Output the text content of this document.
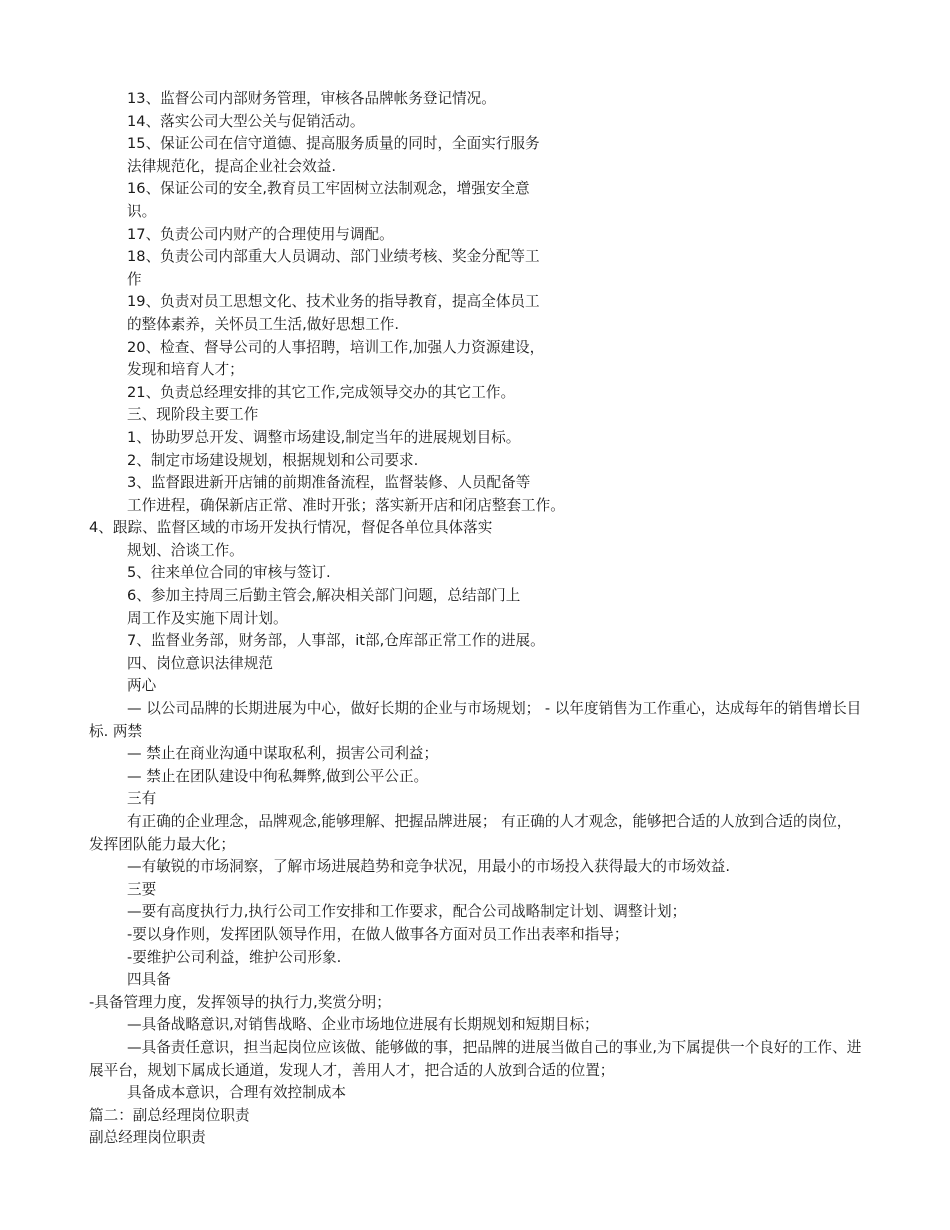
13、监督公司内部财务管理，审核各品牌帐务登记情况。
14、落实公司大型公关与促销活动。
15、保证公司在信守道德、提高服务质量的同时，全面实行服务
法律规范化，提高企业社会效益.
16、保证公司的安全,教育员工牢固树立法制观念，增强安全意
识。
17、负责公司内财产的合理使用与调配。
18、负责公司内部重大人员调动、部门业绩考核、奖金分配等工
作
19、负责对员工思想文化、技术业务的指导教育，提高全体员工
的整体素养，关怀员工生活,做好思想工作.
20、检查、督导公司的人事招聘，培训工作,加强人力资源建设，
发现和培育人才；
21、负责总经理安排的其它工作,完成领导交办的其它工作。
三、现阶段主要工作
1、协助罗总开发、调整市场建设,制定当年的进展规划目标。
2、制定市场建设规划，根据规划和公司要求.
3、监督跟进新开店铺的前期准备流程，监督装修、人员配备等
工作进程，确保新店正常、准时开张；落实新开店和闭店整套工作。
4、跟踪、监督区域的市场开发执行情况，督促各单位具体落实
规划、洽谈工作。
5、往来单位合同的审核与签订.
6、参加主持周三后勤主管会,解决相关部门问题，总结部门上
周工作及实施下周计划。
7、监督业务部，财务部，人事部，it部,仓库部正常工作的进展。
四、岗位意识法律规范
两心
— 以公司品牌的长期进展为中心，做好长期的企业与市场规划； - 以年度销售为工作重心，达成每年的销售增长目标. 两禁
— 禁止在商业沟通中谋取私利，损害公司利益；
— 禁止在团队建设中徇私舞弊,做到公平公正。
三有
有正确的企业理念，品牌观念,能够理解、把握品牌进展； 有正确的人才观念，能够把合适的人放到合适的岗位，发挥团队能力最大化；
—有敏锐的市场洞察，了解市场进展趋势和竞争状况，用最小的市场投入获得最大的市场效益.
三要
—要有高度执行力,执行公司工作安排和工作要求，配合公司战略制定计划、调整计划；
-要以身作则，发挥团队领导作用，在做人做事各方面对员工作出表率和指导；
-要维护公司利益，维护公司形象.
四具备
-具备管理力度，发挥领导的执行力,奖赏分明；
—具备战略意识,对销售战略、企业市场地位进展有长期规划和短期目标；
—具备责任意识，担当起岗位应该做、能够做的事，把品牌的进展当做自己的事业,为下属提供一个良好的工作、进展平台，规划下属成长通道，发现人才，善用人才，把合适的人放到合适的位置；
具备成本意识，合理有效控制成本
篇二：副总经理岗位职责
副总经理岗位职责
